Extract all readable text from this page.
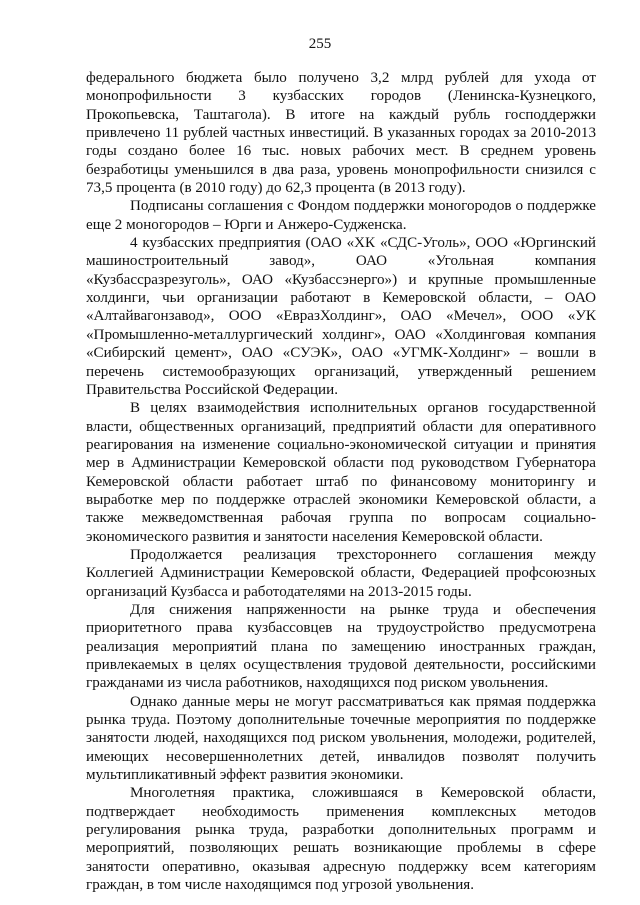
255

федерального бюджета было получено 3,2 млрд рублей для ухода от монопрофильности 3 кузбасских городов (Ленинска-Кузнецкого, Прокопьевска, Таштагола). В итоге на каждый рубль господдержки привлечено 11 рублей частных инвестиций. В указанных городах за 2010-2013 годы создано более 16 тыс. новых рабочих мест. В среднем уровень безработицы уменьшился в два раза, уровень монопрофильности снизился с 73,5 процента (в 2010 году) до 62,3 процента (в 2013 году).

Подписаны соглашения с Фондом поддержки моногородов о поддержке еще 2 моногородов – Юрги и Анжеро-Судженска.

4 кузбасских предприятия (ОАО «ХК «СДС-Уголь», ООО «Юргинский машиностроительный завод», ОАО «Угольная компания «Кузбассразрезуголь», ОАО «Кузбассэнерго») и крупные промышленные холдинги, чьи организации работают в Кемеровской области, – ОАО «Алтайвагонзавод», ООО «ЕвразХолдинг», ОАО «Мечел», ООО «УК «Промышленно-металлургический холдинг», ОАО «Холдинговая компания «Сибирский цемент», ОАО «СУЭК», ОАО «УГМК-Холдинг» – вошли в перечень системообразующих организаций, утвержденный решением Правительства Российской Федерации.

В целях взаимодействия исполнительных органов государственной власти, общественных организаций, предприятий области для оперативного реагирования на изменение социально-экономической ситуации и принятия мер в Администрации Кемеровской области под руководством Губернатора Кемеровской области работает штаб по финансовому мониторингу и выработке мер по поддержке отраслей экономики Кемеровской области, а также межведомственная рабочая группа по вопросам социально-экономического развития и занятости населения Кемеровской области.

Продолжается реализация трехстороннего соглашения между Коллегией Администрации Кемеровской области, Федерацией профсоюзных организаций Кузбасса и работодателями на 2013-2015 годы.

Для снижения напряженности на рынке труда и обеспечения приоритетного права кузбассовцев на трудоустройство предусмотрена реализация мероприятий плана по замещению иностранных граждан, привлекаемых в целях осуществления трудовой деятельности, российскими гражданами из числа работников, находящихся под риском увольнения.

Однако данные меры не могут рассматриваться как прямая поддержка рынка труда. Поэтому дополнительные точечные мероприятия по поддержке занятости людей, находящихся под риском увольнения, молодежи, родителей, имеющих несовершеннолетних детей, инвалидов позволят получить мультипликативный эффект развития экономики.

Многолетняя практика, сложившаяся в Кемеровской области, подтверждает необходимость применения комплексных методов регулирования рынка труда, разработки дополнительных программ и мероприятий, позволяющих решать возникающие проблемы в сфере занятости оперативно, оказывая адресную поддержку всем категориям граждан, в том числе находящимся под угрозой увольнения.
